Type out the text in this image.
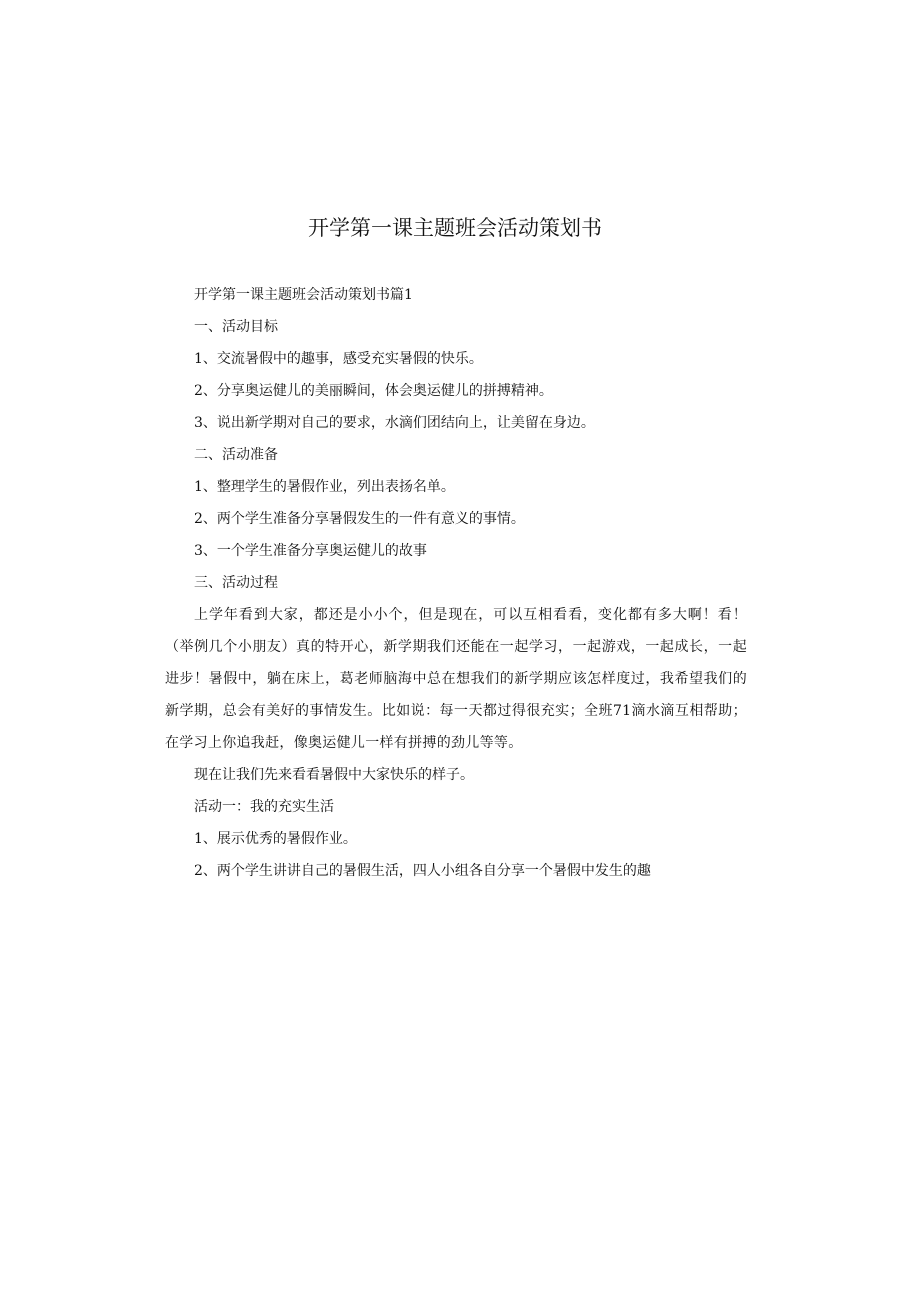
开学第一课主题班会活动策划书

开学第一课主题班会活动策划书篇1

一、活动目标

1、交流暑假中的趣事，感受充实暑假的快乐。

2、分享奥运健儿的美丽瞬间，体会奥运健儿的拼搏精神。

3、说出新学期对自己的要求，水滴们团结向上，让美留在身边。

二、活动准备

1、整理学生的暑假作业，列出表扬名单。

2、两个学生准备分享暑假发生的一件有意义的事情。

3、一个学生准备分享奥运健儿的故事

三、活动过程

上学年看到大家，都还是小小个，但是现在，可以互相看看，变化都有多大啊！看！（举例几个小朋友）真的特开心，新学期我们还能在一起学习，一起游戏，一起成长，一起进步！暑假中，躺在床上，葛老师脑海中总在想我们的新学期应该怎样度过，我希望我们的新学期，总会有美好的事情发生。比如说：每一天都过得很充实；全班71滴水滴互相帮助；在学习上你追我赶，像奥运健儿一样有拼搏的劲儿等等。

现在让我们先来看看暑假中大家快乐的样子。

活动一：我的充实生活

1、展示优秀的暑假作业。

2、两个学生讲讲自己的暑假生活，四人小组各自分享一个暑假中发生的趣
